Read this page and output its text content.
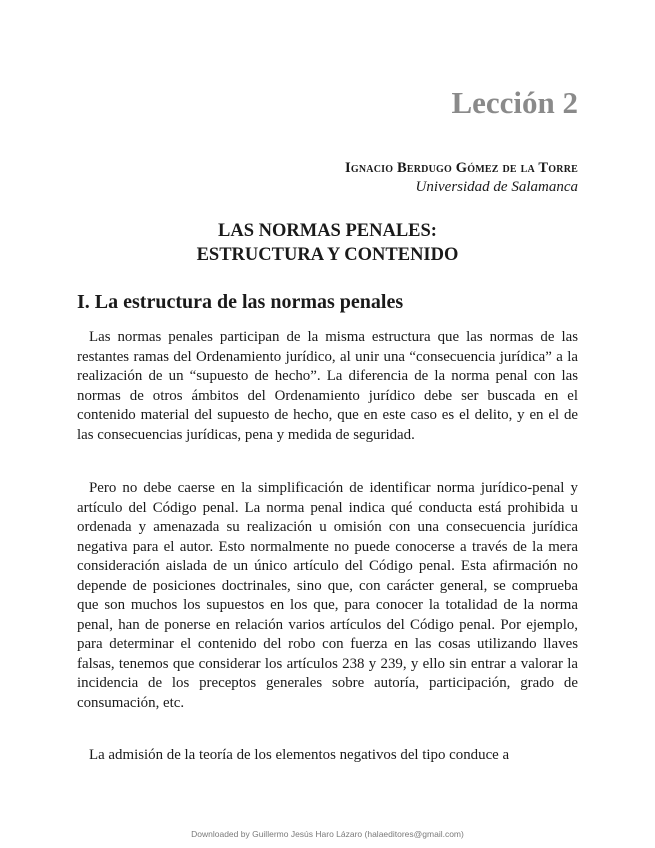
Lección 2

Ignacio Berdugo Gómez de la Torre

Universidad de Salamanca

LAS NORMAS PENALES:
ESTRUCTURA Y CONTENIDO
I. La estructura de las normas penales

Las normas penales participan de la misma estructura que las normas de las restantes ramas del Ordenamiento jurídico, al unir una “consecuencia jurídica” a la realización de un “supuesto de hecho”. La diferencia de la norma penal con las normas de otros ámbitos del Ordenamiento jurídico debe ser buscada en el contenido material del supuesto de hecho, que en este caso es el delito, y en el de las consecuencias jurídicas, pena y medida de seguridad.

Pero no debe caerse en la simplificación de identificar norma jurídico-penal y artículo del Código penal. La norma penal indica qué conducta está prohibida u ordenada y amenazada su realización u omisión con una consecuencia jurídica negativa para el autor. Esto normalmente no puede conocerse a través de la mera consideración aislada de un único artículo del Código penal. Esta afirmación no depende de posiciones doctrinales, sino que, con carácter general, se comprueba que son muchos los supuestos en los que, para conocer la totalidad de la norma penal, han de ponerse en relación varios artículos del Código penal. Por ejemplo, para determinar el contenido del robo con fuerza en las cosas utilizando llaves falsas, tenemos que considerar los artículos 238 y 239, y ello sin entrar a valorar la incidencia de los preceptos generales sobre autoría, participación, grado de consumación, etc.

La admisión de la teoría de los elementos negativos del tipo conduce a

Downloaded by Guillermo Jesús Haro Lázaro (halaeditores@gmail.com)
